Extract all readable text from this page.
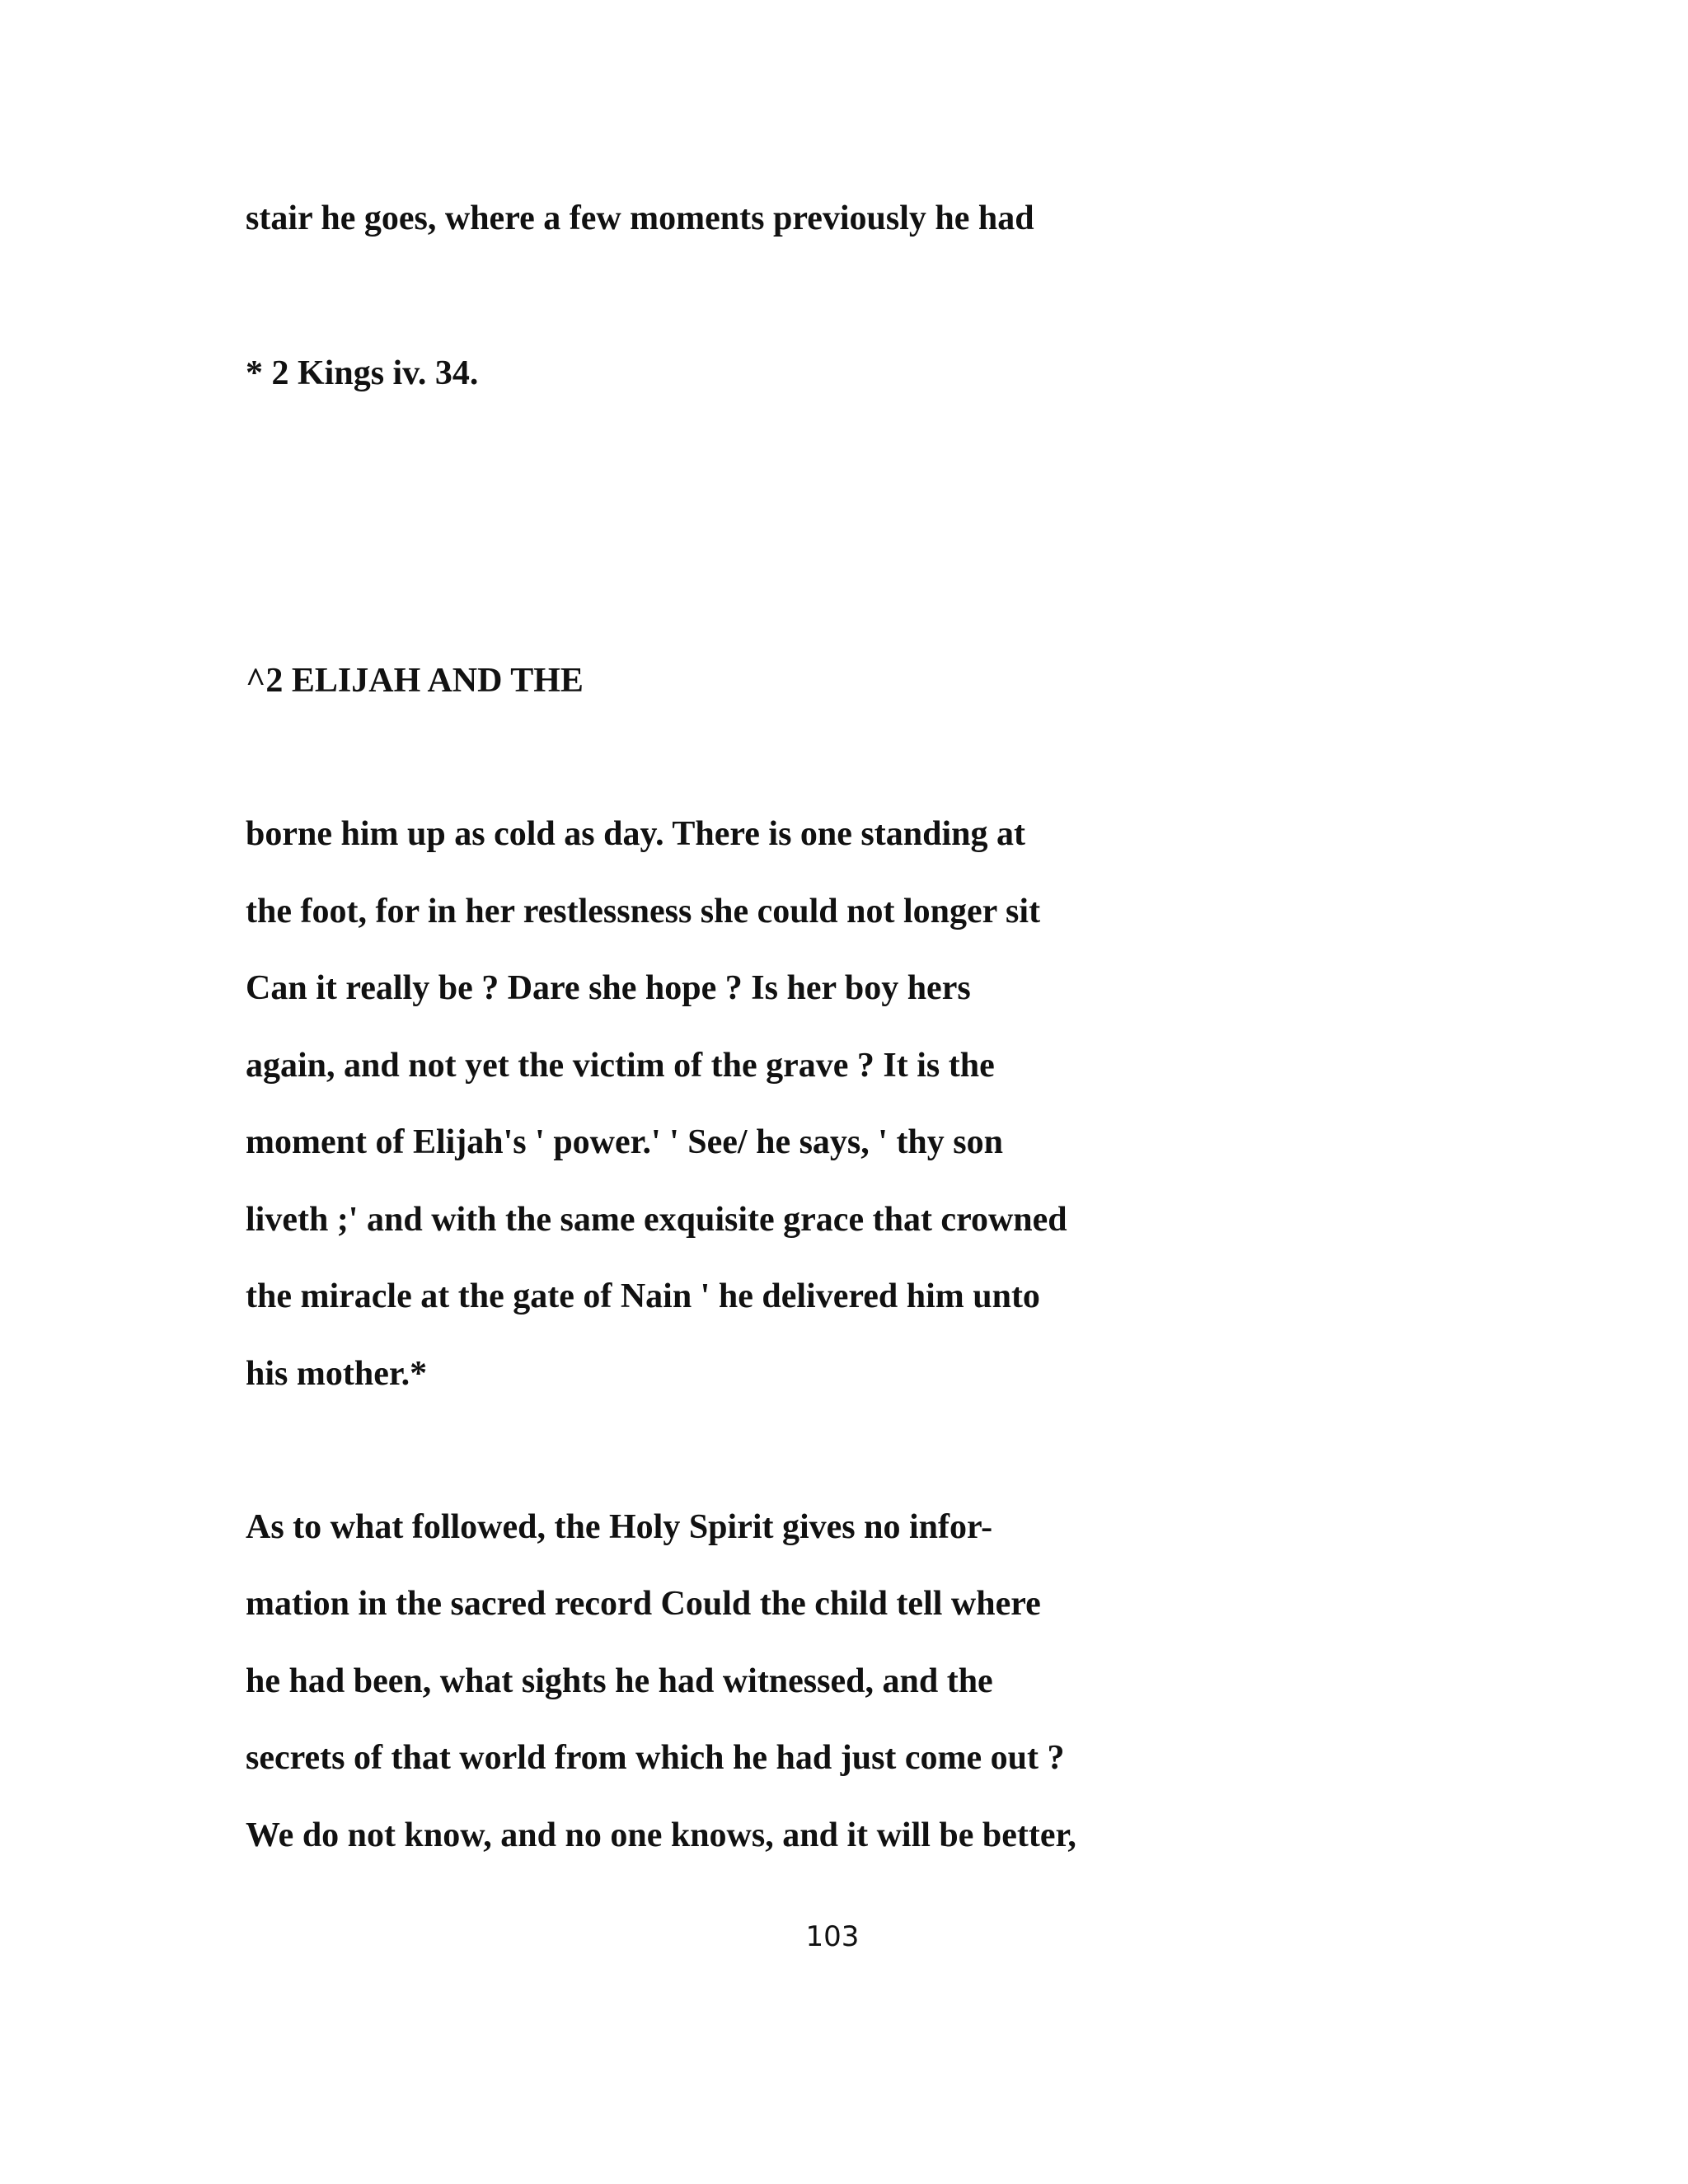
stair he goes, where a few moments previously he had
* 2 Kings iv. 34.
^2 ELIJAH AND THE
borne him up as cold as day. There is one standing at
the foot, for in her restlessness she could not longer sit
Can it really be ? Dare she hope ? Is her boy hers
again, and not yet the victim of the grave ? It is the
moment of Elijah's ' power.' ' See/ he says, ' thy son
liveth ;' and with the same exquisite grace that crowned
the miracle at the gate of Nain ' he delivered him unto
his mother.*
As to what followed, the Holy Spirit gives no infor-
mation in the sacred record Could the child tell where
he had been, what sights he had witnessed, and the
secrets of that world from which he had just come out ?
We do not know, and no one knows, and it will be better,
103
